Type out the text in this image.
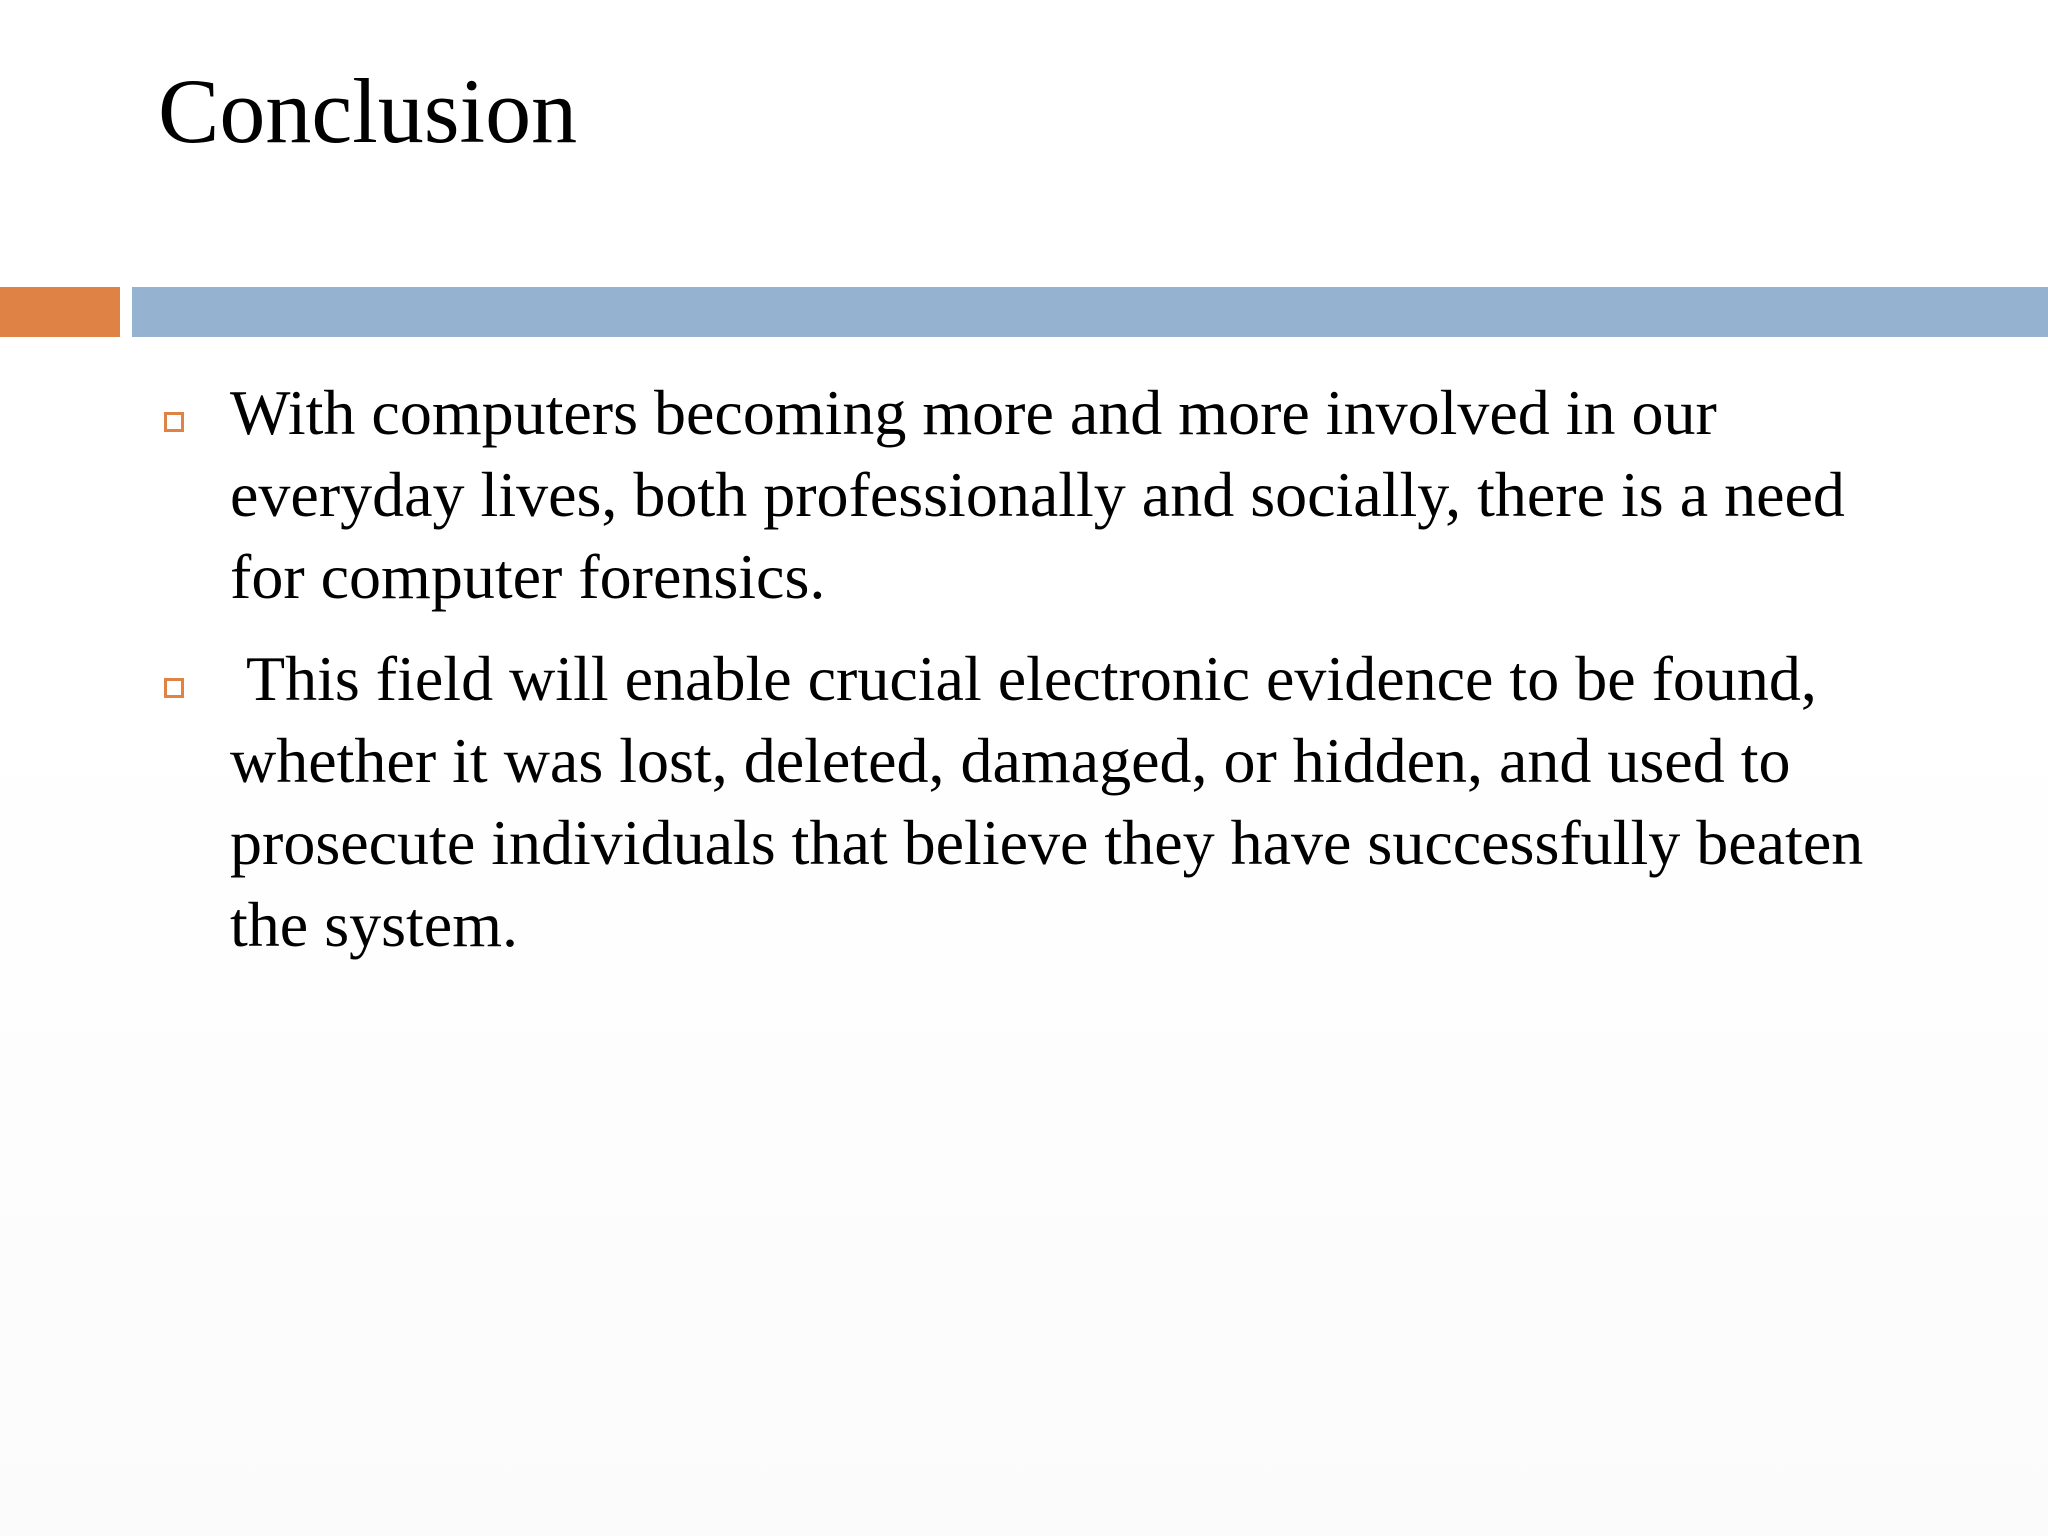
Conclusion
With computers becoming more and more involved in our everyday lives, both professionally and socially, there is a need for computer forensics.
This field will enable crucial electronic evidence to be found, whether it was lost, deleted, damaged, or hidden, and used to prosecute individuals that believe they have successfully beaten the system.
